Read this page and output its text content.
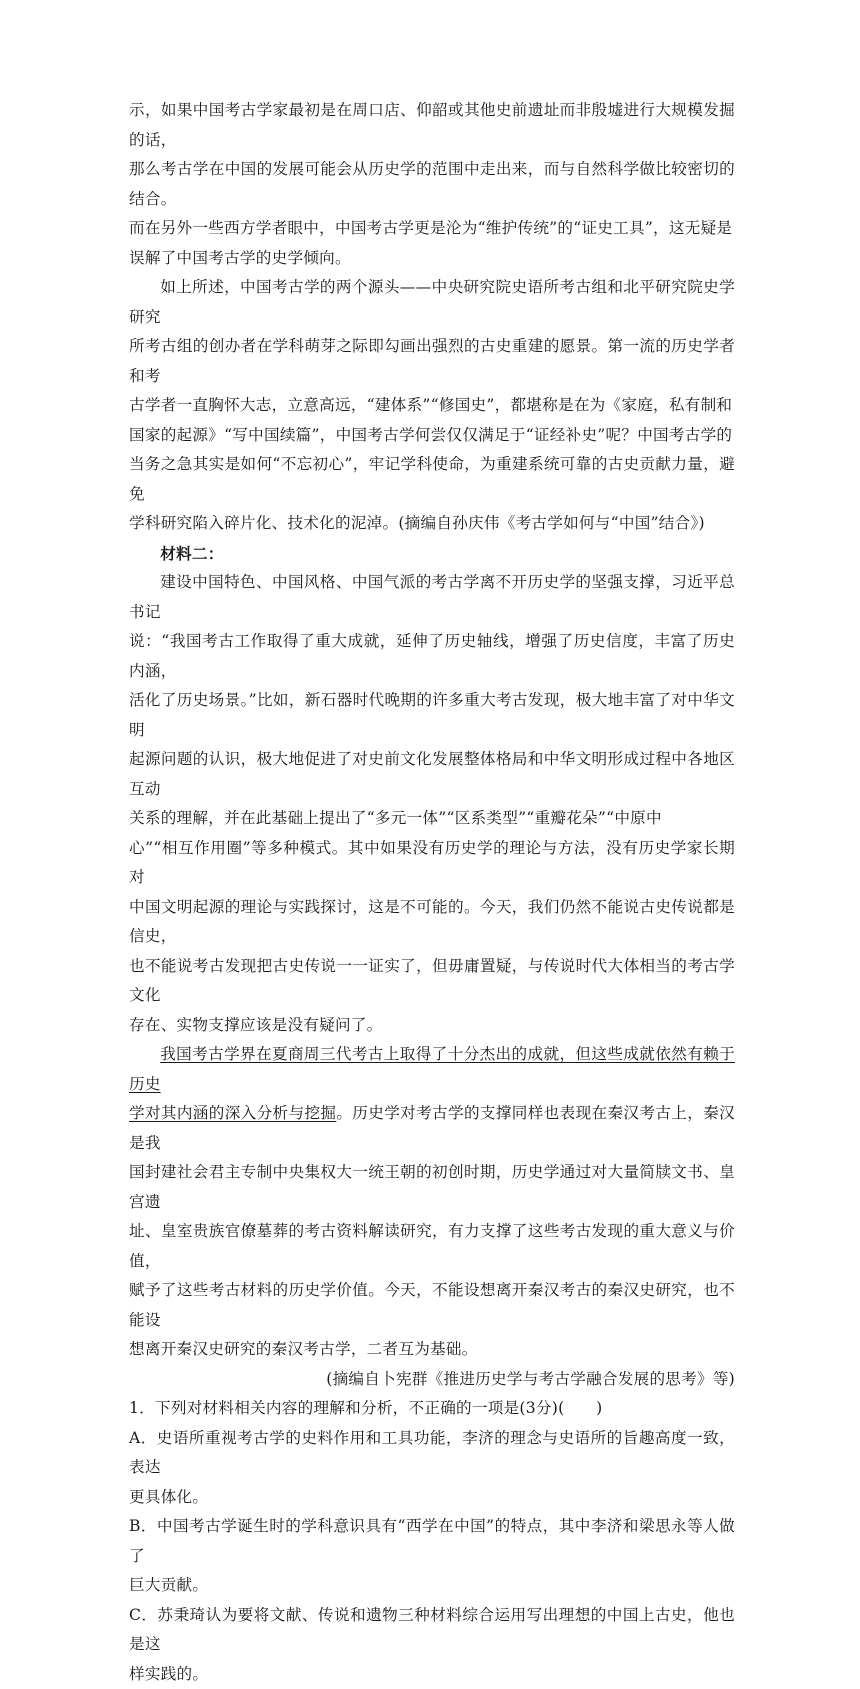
示，如果中国考古学家最初是在周口店、仰韶或其他史前遗址而非殷墟进行大规模发掘的话，
那么考古学在中国的发展可能会从历史学的范围中走出来，而与自然科学做比较密切的结合。
而在另外一些西方学者眼中，中国考古学更是沦为“维护传统”的“证史工具”，这无疑是
误解了中国考古学的史学倾向。

如上所述，中国考古学的两个源头——中央研究院史语所考古组和北平研究院史学研究
所考古组的创办者在学科萌芽之际即勾画出强烈的古史重建的愿景。第一流的历史学者和考
古学者一直胸怀大志，立意高远，“建体系”“修国史”，都堪称是在为《家庭，私有制和
国家的起源》“写中国续篇”，中国考古学何尝仅仅满足于“证经补史”呢？中国考古学的
当务之急其实是如何“不忘初心”，牢记学科使命，为重建系统可靠的古史贡献力量，避免
学科研究陷入碎片化、技术化的泥淖。(摘编自孙庆伟《考古学如何与“中国”结合》)

材料二：

建设中国特色、中国风格、中国气派的考古学离不开历史学的坚强支撑，习近平总书记
说：“我国考古工作取得了重大成就，延伸了历史轴线，增强了历史信度，丰富了历史内涵，
活化了历史场景。”比如，新石器时代晚期的许多重大考古发现，极大地丰富了对中华文明
起源问题的认识，极大地促进了对史前文化发展整体格局和中华文明形成过程中各地区互动
关系的理解，并在此基础上提出了“多元一体”“区系类型”“重瓣花朵”“中原中
心”“相互作用圈”等多种模式。其中如果没有历史学的理论与方法，没有历史学家长期对
中国文明起源的理论与实践探讨，这是不可能的。今天，我们仍然不能说古史传说都是信史，
也不能说考古发现把古史传说一一证实了，但毋庸置疑，与传说时代大体相当的考古学文化
存在、实物支撑应该是没有疑问了。

我国考古学界在夏商周三代考古上取得了十分杰出的成就，但这些成就依然有赖于历史
学对其内涵的深入分析与挖掘。历史学对考古学的支撑同样也表现在秦汉考古上，秦汉是我
国封建社会君主专制中央集权大一统王朝的初创时期，历史学通过对大量简牍文书、皇宫遗
址、皇室贵族官僚墓葬的考古资料解读研究，有力支撑了这些考古发现的重大意义与价值，
赋予了这些考古材料的历史学价值。今天，不能设想离开秦汉考古的秦汉史研究，也不能设
想离开秦汉史研究的秦汉考古学，二者互为基础。

(摘编自卜宪群《推进历史学与考古学融合发展的思考》等)

1．下列对材料相关内容的理解和分析，不正确的一项是(3分)(　　)

A．史语所重视考古学的史料作用和工具功能，李济的理念与史语所的旨趣高度一致，表达
更具体化。

B．中国考古学诞生时的学科意识具有“西学在中国”的特点，其中李济和梁思永等人做了
巨大贡献。

C．苏秉琦认为要将文献、传说和遗物三种材料综合运用写出理想的中国上古史，他也是这
样实践的。
